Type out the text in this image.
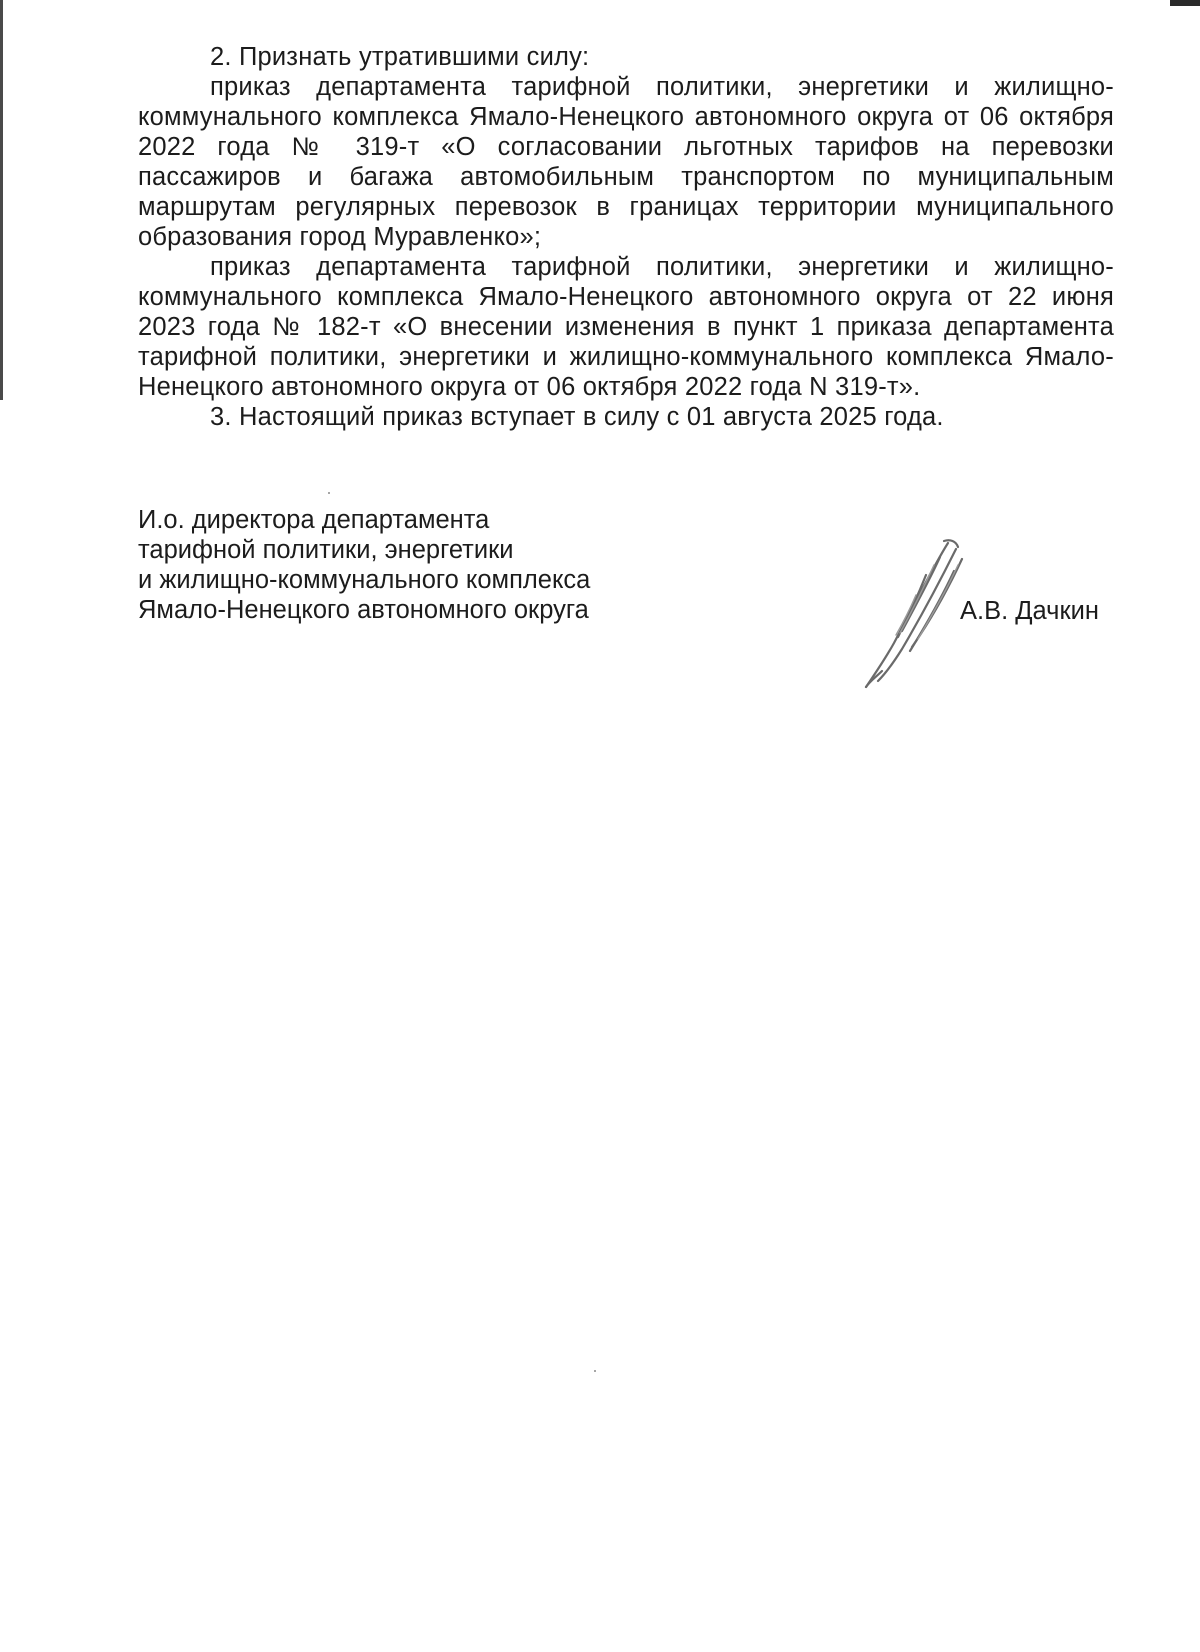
2. Признать утратившими силу:

приказ департамента тарифной политики, энергетики и жилищно-коммунального комплекса Ямало-Ненецкого автономного округа от 06 октября 2022 года № 319-т «О согласовании льготных тарифов на перевозки пассажиров и багажа автомобильным транспортом по муниципальным маршрутам регулярных перевозок в границах территории муниципального образования город Муравленко»;

приказ департамента тарифной политики, энергетики и жилищно-коммунального комплекса Ямало-Ненецкого автономного округа от 22 июня 2023 года № 182-т «О внесении изменения в пункт 1 приказа департамента тарифной политики, энергетики и жилищно-коммунального комплекса Ямало-Ненецкого автономного округа от 06 октября 2022 года N 319-т».

3. Настоящий приказ вступает в силу с 01 августа 2025 года.

И.о. директора департамента
тарифной политики, энергетики
и жилищно-коммунального комплекса
Ямало-Ненецкого автономного округа	А.В. Дачкин
